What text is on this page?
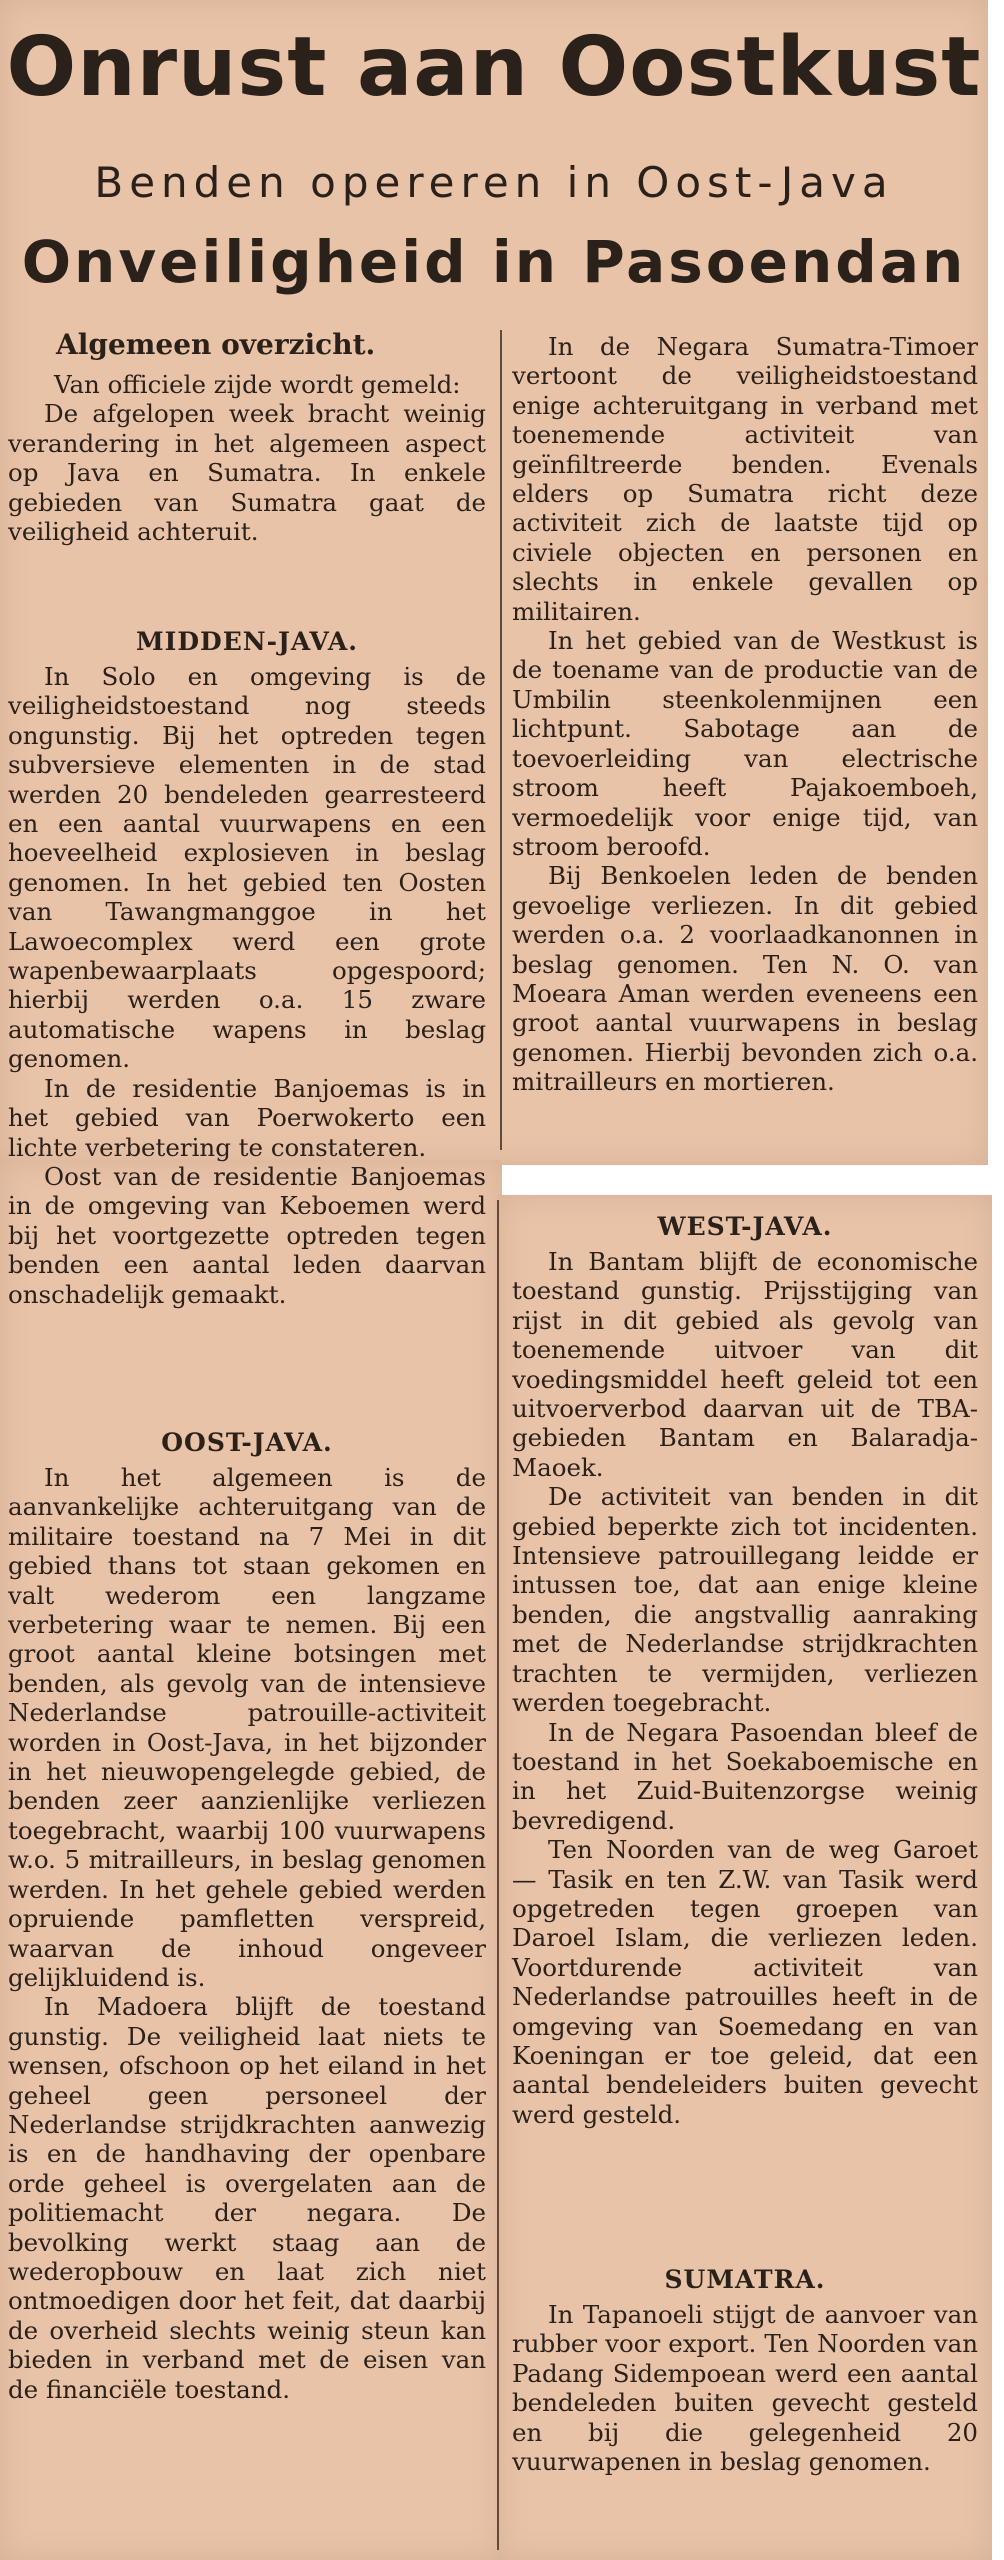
Onrust aan Oostkust
Benden opereren in Oost-Java
Onveiligheid in Pasoendan
Algemeen overzicht.

Van officiele zijde wordt gemeld:

De afgelopen week bracht weinig verandering in het algemeen aspect op Java en Sumatra. In enkele gebieden van Sumatra gaat de veiligheid achteruit.

MIDDEN-JAVA.

In Solo en omgeving is de veiligheidstoestand nog steeds ongunstig. Bij het optreden tegen subversieve elementen in de stad werden 20 bendeleden gearresteerd en een aantal vuurwapens en een hoeveelheid explosieven in beslag genomen. In het gebied ten Oosten van Tawangmanggoe in het Lawoecomplex werd een grote wapenbewaarplaats opgespoord; hierbij werden o.a. 15 zware automatische wapens in beslag genomen.

In de residentie Banjoemas is in het gebied van Poerwokerto een lichte verbetering te constateren.

Oost van de residentie Banjoemas in de omgeving van Keboemen werd bij het voortgezette optreden tegen benden een aantal leden daarvan onschadelijk gemaakt.

OOST-JAVA.

In het algemeen is de aanvankelijke achteruitgang van de militaire toestand na 7 Mei in dit gebied thans tot staan gekomen en valt wederom een langzame verbetering waar te nemen. Bij een groot aantal kleine botsingen met benden, als gevolg van de intensieve Nederlandse patrouille-activiteit worden in Oost-Java, in het bijzonder in het nieuwopengelegde gebied, de benden zeer aanzienlijke verliezen toegebracht, waarbij 100 vuurwapens w.o. 5 mitrailleurs, in beslag genomen werden. In het gehele gebied werden opruiende pamfletten verspreid, waarvan de inhoud ongeveer gelijkluidend is.

In Madoera blijft de toestand gunstig. De veiligheid laat niets te wensen, ofschoon op het eiland in het geheel geen personeel der Nederlandse strijdkrachten aanwezig is en de handhaving der openbare orde geheel is overgelaten aan de politiemacht der negara. De bevolking werkt staag aan de wederopbouw en laat zich niet ontmoedigen door het feit, dat daarbij de overheid slechts weinig steun kan bieden in verband met de eisen van de financiële toestand.

In de Negara Sumatra-Timoer vertoont de veiligheidstoestand enige achteruitgang in verband met toenemende activiteit van geïnfiltreerde benden. Evenals elders op Sumatra richt deze activiteit zich de laatste tijd op civiele objecten en personen en slechts in enkele gevallen op militairen.

In het gebied van de Westkust is de toename van de productie van de Umbilin steenkolenmijnen een lichtpunt. Sabotage aan de toevoerleiding van electrische stroom heeft Pajakoemboeh, vermoedelijk voor enige tijd, van stroom beroofd.

Bij Benkoelen leden de benden gevoelige verliezen. In dit gebied werden o.a. 2 voorlaadkanonnen in beslag genomen. Ten N. O. van Moeara Aman werden eveneens een groot aantal vuurwapens in beslag genomen. Hierbij bevonden zich o.a. mitrailleurs en mortieren.

WEST-JAVA.

In Bantam blijft de economische toestand gunstig. Prijsstijging van rijst in dit gebied als gevolg van toenemende uitvoer van dit voedingsmiddel heeft geleid tot een uitvoerverbod daarvan uit de TBA-gebieden Bantam en Balaradja-Maoek.

De activiteit van benden in dit gebied beperkte zich tot incidenten. Intensieve patrouillegang leidde er intussen toe, dat aan enige kleine benden, die angstvallig aanraking met de Nederlandse strijdkrachten trachten te vermijden, verliezen werden toegebracht.

In de Negara Pasoendan bleef de toestand in het Soekaboemische en in het Zuid-Buitenzorgse weinig bevredigend.

Ten Noorden van de weg Garoet — Tasik en ten Z.W. van Tasik werd opgetreden tegen groepen van Daroel Islam, die verliezen leden. Voortdurende activiteit van Nederlandse patrouilles heeft in de omgeving van Soemedang en van Koeningan er toe geleid, dat een aantal bendeleiders buiten gevecht werd gesteld.

SUMATRA.

In Tapanoeli stijgt de aanvoer van rubber voor export. Ten Noorden van Padang Sidempoean werd een aantal bendeleden buiten gevecht gesteld en bij die gelegenheid 20 vuurwapenen in beslag genomen.
